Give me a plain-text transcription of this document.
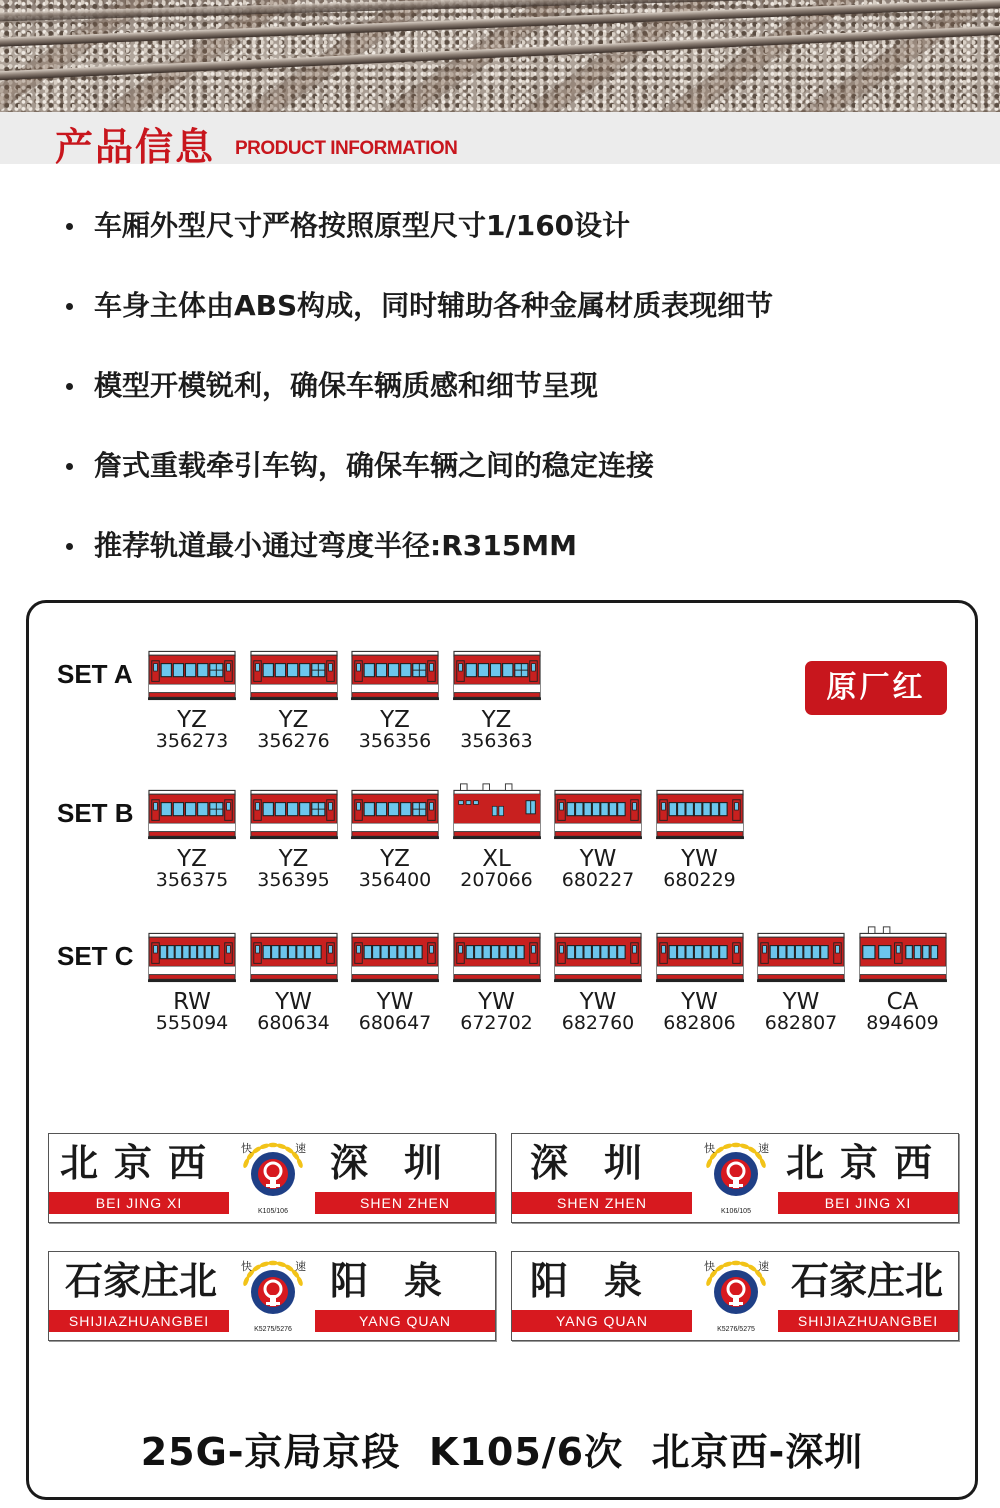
产品信息 PRODUCT INFORMATION
车厢外型尺寸严格按照原型尺寸1/160设计
车身主体由ABS构成，同时辅助各种金属材质表现细节
模型开模锐利，确保车辆质感和细节呈现
詹式重载牵引车钩，确保车辆之间的稳定连接
推荐轨道最小通过弯度半径:R315MM
原厂红
SET A
YZ
356273
YZ
356276
YZ
356356
YZ
356363
SET B
YZ
356375
YZ
356395
YZ
356400
XL
207066
YW
680227
YW
680229
SET C
RW
555094
YW
680634
YW
680647
YW
672702
YW
682760
YW
682806
YW
682807
CA
894609
北京西
BEI JING XI
快	速
K105/106
深圳
SHEN ZHEN
深圳
SHEN ZHEN
快	速
K106/105
北京西
BEI JING XI
石家庄北
SHIJIAZHUANGBEI
快	速
K5275/5276
阳泉
YANG QUAN
阳泉
YANG QUAN
快	速
K5276/5275
石家庄北
SHIJIAZHUANGBEI
25G-京局京段  K105/6次  北京西-深圳
